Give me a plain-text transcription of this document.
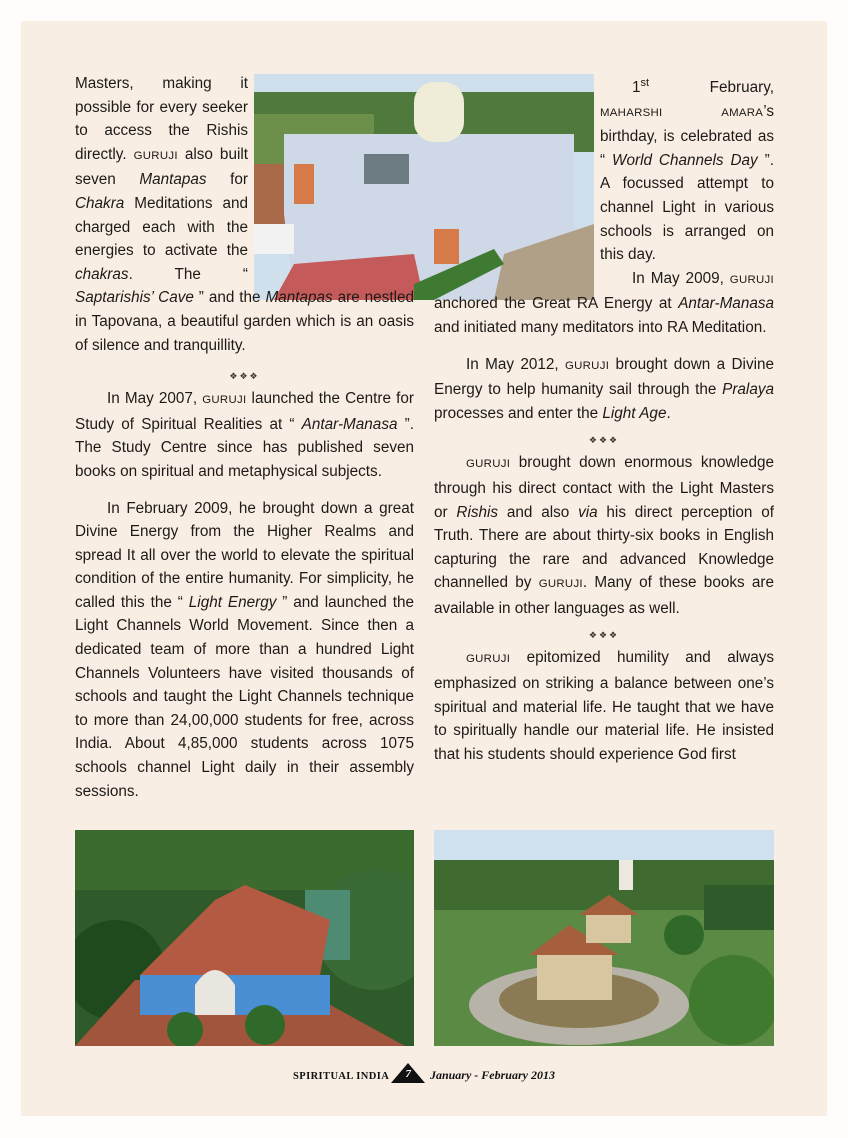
Masters, making it possible for every seeker to access the Rishis directly. GURUJI also built seven Mantapas for Chakra Meditations and charged each with the energies to activate the chakras. The “ Saptarishis’ Cave ” and the Mantapas are nestled in Tapovana, a beautiful garden which is an oasis of silence and tranquillity.

❖❖❖

In May 2007, GURUJI launched the Centre for Study of Spiritual Realities at “ Antar-Manasa ”. The Study Centre since has published seven books on spiritual and metaphysical subjects.

In February 2009, he brought down a great Divine Energy from the Higher Realms and spread It all over the world to elevate the spiritual condition of the entire humanity. For simplicity, he called this the “ Light Energy ” and launched the Light Channels World Movement. Since then a dedicated team of more than a hundred Light Channels Volunteers have visited thousands of schools and taught the Light Channels technique to more than 24,00,000 students for free, across India. About 4,85,000 students across 1075 schools channel Light daily in their assembly sessions.

1st February, MAHARSHI AMARA’s birthday, is celebrated as “ World Channels Day ”. A focussed attempt to channel Light in various schools is arranged on this day.

In May 2009, GURUJI anchored the Great RA Energy at Antar-Manasa and initiated many meditators into RA Meditation.

In May 2012, GURUJI brought down a Divine Energy to help humanity sail through the Pralaya processes and enter the Light Age.

❖❖❖

GURUJI brought down enormous knowledge through his direct contact with the Light Masters or Rishis and also via his direct perception of Truth. There are about thirty-six books in English capturing the rare and advanced Knowledge channelled by GURUJI. Many of these books are available in other languages as well.

❖❖❖

GURUJI epitomized humility and always emphasized on striking a balance between one’s spiritual and material life. He taught that we have to spiritually handle our material life. He insisted that his students should experience God first

SPIRITUAL INDIA	7	January - February 2013
